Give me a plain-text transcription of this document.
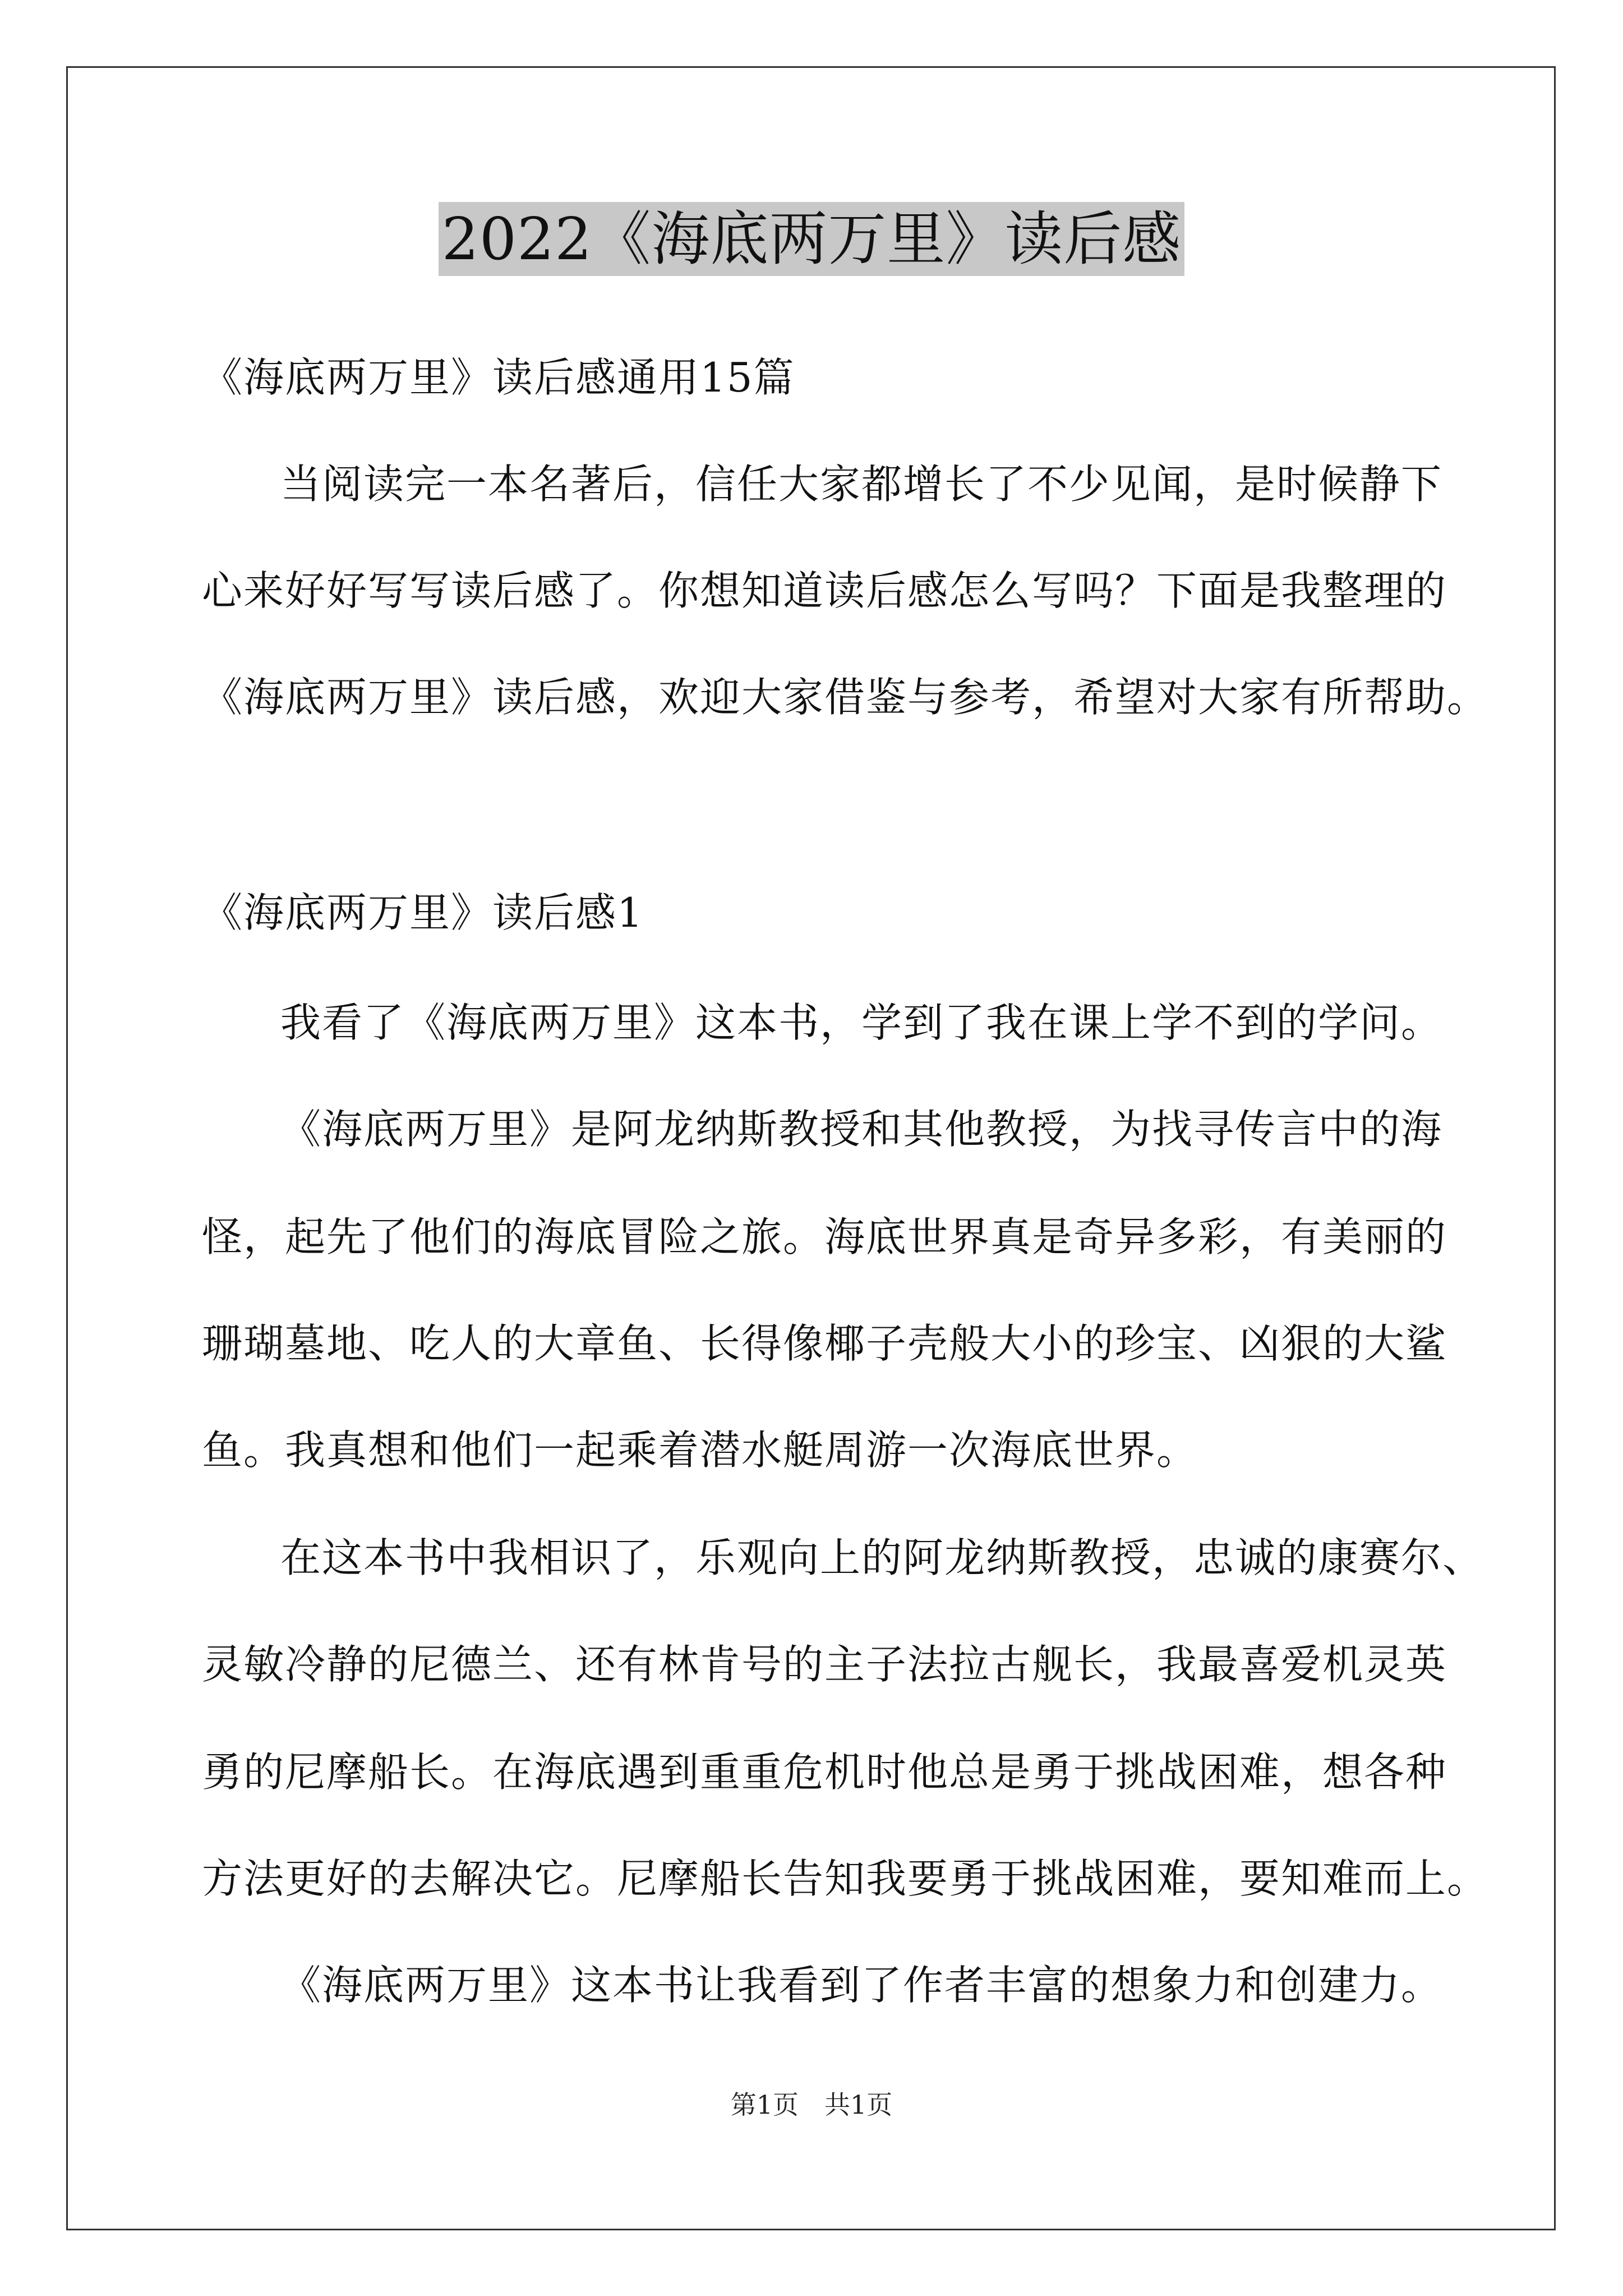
2022《海底两万里》读后感
《海底两万里》读后感通用15篇
当阅读完一本名著后，信任大家都增长了不少见闻，是时候静下
心来好好写写读后感了。你想知道读后感怎么写吗？下面是我整理的
《海底两万里》读后感，欢迎大家借鉴与参考，希望对大家有所帮助。
《海底两万里》读后感1
我看了《海底两万里》这本书，学到了我在课上学不到的学问。
《海底两万里》是阿龙纳斯教授和其他教授，为找寻传言中的海
怪，起先了他们的海底冒险之旅。海底世界真是奇异多彩，有美丽的
珊瑚墓地、吃人的大章鱼、长得像椰子壳般大小的珍宝、凶狠的大鲨
鱼。我真想和他们一起乘着潜水艇周游一次海底世界。
在这本书中我相识了，乐观向上的阿龙纳斯教授，忠诚的康赛尔、
灵敏冷静的尼德兰、还有林肯号的主子法拉古舰长，我最喜爱机灵英
勇的尼摩船长。在海底遇到重重危机时他总是勇于挑战困难，想各种
方法更好的去解决它。尼摩船长告知我要勇于挑战困难，要知难而上。
《海底两万里》这本书让我看到了作者丰富的想象力和创建力。
第1页　共1页
